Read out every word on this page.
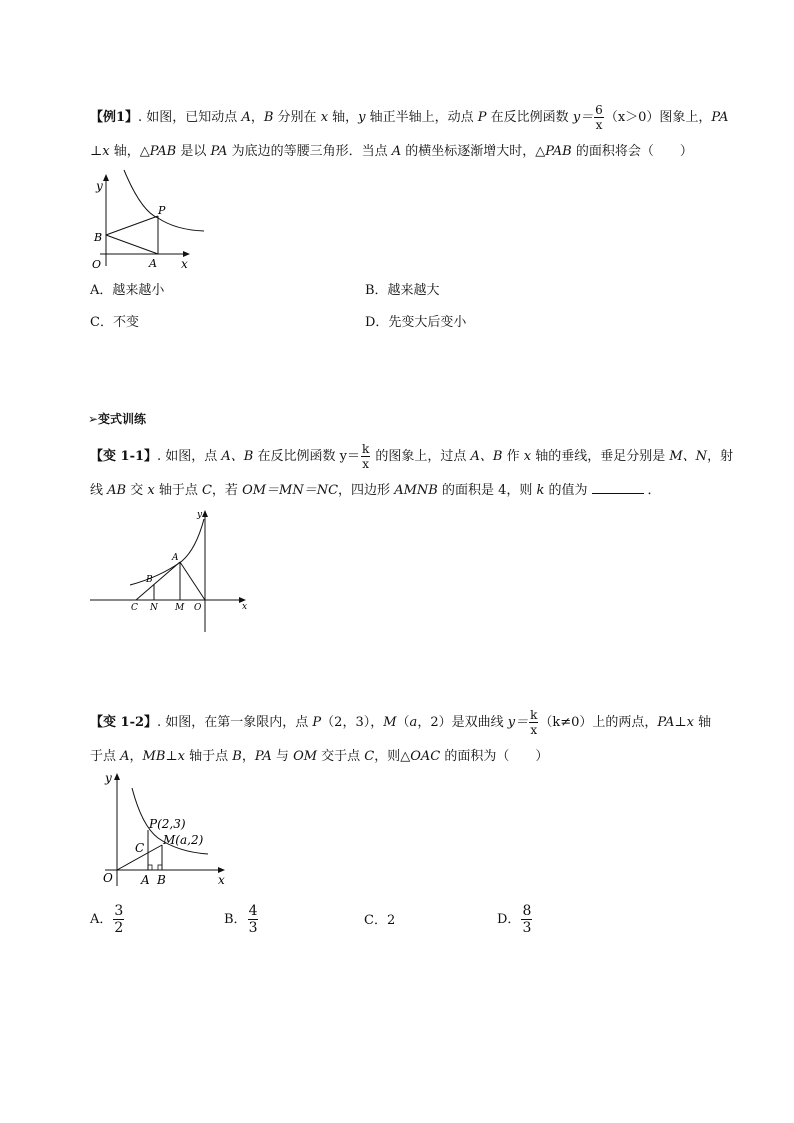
【例1】. 如图，已知动点 A，B 分别在 x 轴，y 轴正半轴上，动点 P 在反比例函数 $y= \frac{6}{x} (x>0)$图象上，PA
⊥x 轴，△PAB 是以 PA 为底边的等腰三角形．当点 A 的横坐标逐渐增大时，△PAB 的面积将会（　　）
y
P
B
O	A x
A．越来越小	B．越来越大
C．不变	D．先变大后变小
➢变式训练
【变 1-1】. 如图，点 A、B 在反比例函数 $y= \frac{k}{x}$ 的图象上，过点 A、B 作 x 轴的垂线，垂足分别是 M、N，射
线 AB 交 x 轴于点 C，若 OM＝MN＝NC，四边形 AMNB 的面积是 4，则 k 的值为	．
y
A
B
C N M O	x
【变 1-2】. 如图，在第一象限内，点 P（2，3），M（a，2）是双曲线 $y= \frac{k}{x} (k\ne 0)$上的两点，PA⊥x 轴
于点 A，MB⊥x 轴于点 B，PA 与 OM 交于点 C，则△OAC 的面积为（　　）
y
P(2,3)
M(a,2)
C
O A B	x
A． $\frac{3}{2}$	B． $\frac{4}{3}$	C．2	D． $\frac{8}{3}$
